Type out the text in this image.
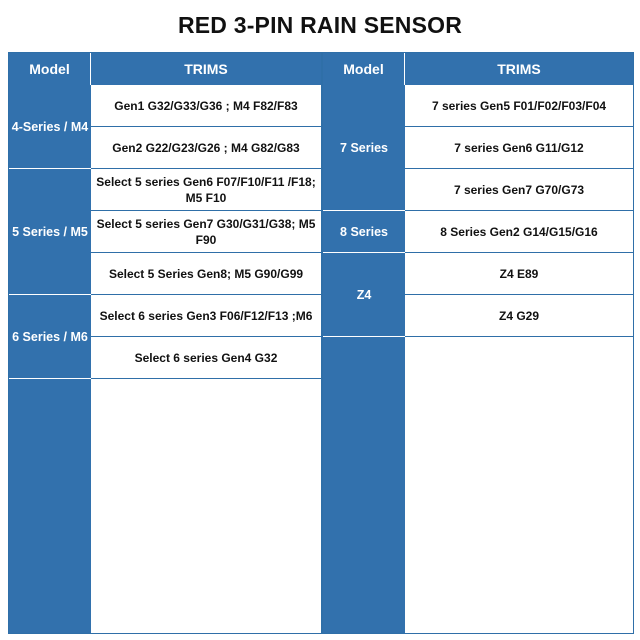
RED 3-PIN RAIN SENSOR
Model	TRIMS
4-Series / M4
5 Series / M5
6 Series / M6
Gen1 G32/G33/G36 ; M4 F82/F83
Gen2 G22/G23/G26 ; M4 G82/G83
Select 5 series Gen6 F07/F10/F11 /F18; M5 F10
Select 5 series Gen7 G30/G31/G38; M5 F90
Select 5 Series Gen8; M5 G90/G99
Select 6 series Gen3 F06/F12/F13 ;M6
Select 6 series Gen4 G32
Model	TRIMS
7 Series
8 Series
Z4
7 series Gen5 F01/F02/F03/F04
7 series Gen6 G11/G12
7 series Gen7 G70/G73
8 Series Gen2 G14/G15/G16
Z4 E89
Z4 G29
